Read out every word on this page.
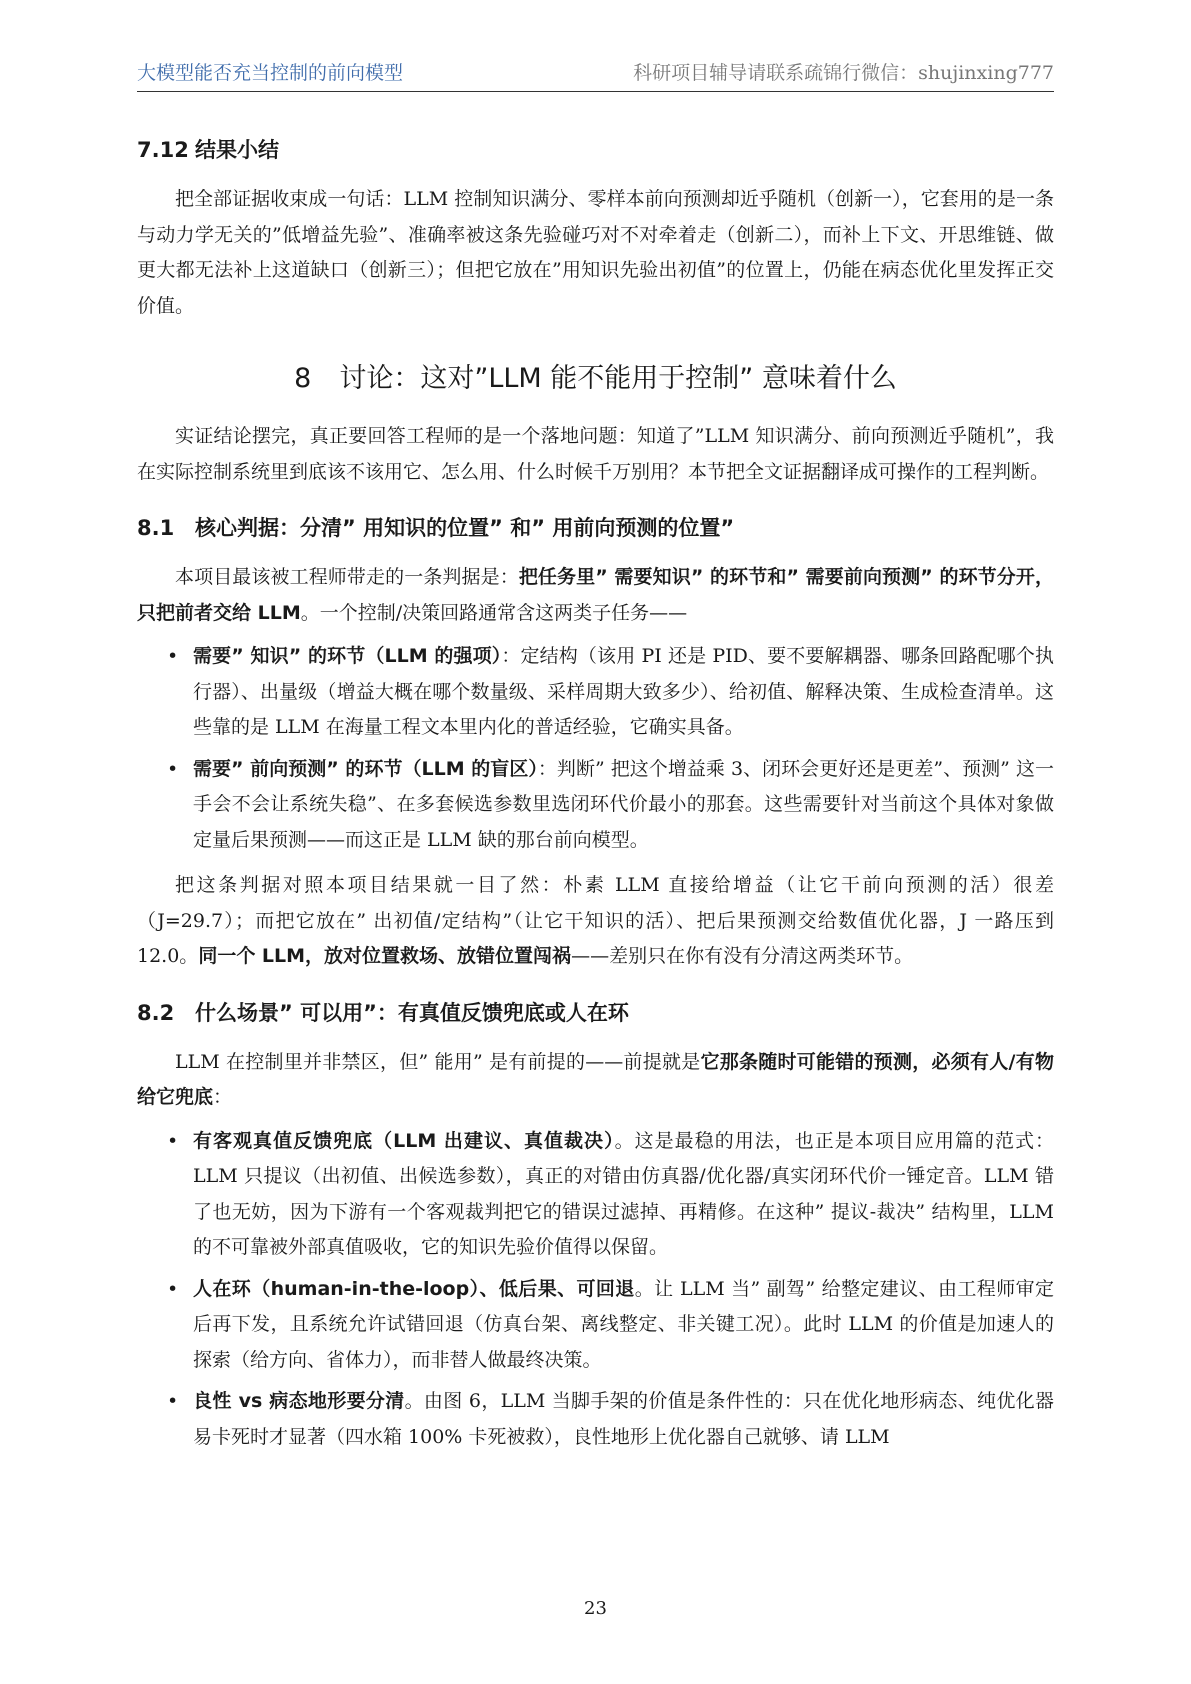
大模型能否充当控制的前向模型	科研项目辅导请联系疏锦行微信：shujinxing777
7.12 结果小结

把全部证据收束成一句话：LLM 控制知识满分、零样本前向预测却近乎随机（创新一），它套用的是一条与动力学无关的”低增益先验”、准确率被这条先验碰巧对不对牵着走（创新二），而补上下文、开思维链、做更大都无法补上这道缺口（创新三）；但把它放在”用知识先验出初值”的位置上，仍能在病态优化里发挥正交价值。

8 讨论：这对”LLM 能不能用于控制” 意味着什么

实证结论摆完，真正要回答工程师的是一个落地问题：知道了”LLM 知识满分、前向预测近乎随机”，我在实际控制系统里到底该不该用它、怎么用、什么时候千万别用？本节把全文证据翻译成可操作的工程判断。

8.1 核心判据：分清” 用知识的位置” 和” 用前向预测的位置”

本项目最该被工程师带走的一条判据是：把任务里” 需要知识” 的环节和” 需要前向预测” 的环节分开，只把前者交给 LLM。一个控制/决策回路通常含这两类子任务——

• 需要” 知识” 的环节（LLM 的强项）：定结构（该用 PI 还是 PID、要不要解耦器、哪条回路配哪个执行器）、出量级（增益大概在哪个数量级、采样周期大致多少）、给初值、解释决策、生成检查清单。这些靠的是 LLM 在海量工程文本里内化的普适经验，它确实具备。
• 需要” 前向预测” 的环节（LLM 的盲区）：判断” 把这个增益乘 3、闭环会更好还是更差”、预测” 这一手会不会让系统失稳”、在多套候选参数里选闭环代价最小的那套。这些需要针对当前这个具体对象做定量后果预测——而这正是 LLM 缺的那台前向模型。

把这条判据对照本项目结果就一目了然：朴素 LLM 直接给增益（让它干前向预测的活）很差（J=29.7）；而把它放在” 出初值/定结构”（让它干知识的活）、把后果预测交给数值优化器，J 一路压到 12.0。同一个 LLM，放对位置救场、放错位置闯祸——差别只在你有没有分清这两类环节。

8.2 什么场景” 可以用”：有真值反馈兜底或人在环

LLM 在控制里并非禁区，但” 能用” 是有前提的——前提就是它那条随时可能错的预测，必须有人/有物给它兜底：

• 有客观真值反馈兜底（LLM 出建议、真值裁决）。这是最稳的用法，也正是本项目应用篇的范式：LLM 只提议（出初值、出候选参数），真正的对错由仿真器/优化器/真实闭环代价一锤定音。LLM 错了也无妨，因为下游有一个客观裁判把它的错误过滤掉、再精修。在这种” 提议-裁决” 结构里，LLM 的不可靠被外部真值吸收，它的知识先验价值得以保留。
• 人在环（human-in-the-loop）、低后果、可回退。让 LLM 当” 副驾” 给整定建议、由工程师审定后再下发，且系统允许试错回退（仿真台架、离线整定、非关键工况）。此时 LLM 的价值是加速人的探索（给方向、省体力），而非替人做最终决策。
• 良性 vs 病态地形要分清。由图 6，LLM 当脚手架的价值是条件性的：只在优化地形病态、纯优化器易卡死时才显著（四水箱 100% 卡死被救），良性地形上优化器自己就够、请 LLM
23
